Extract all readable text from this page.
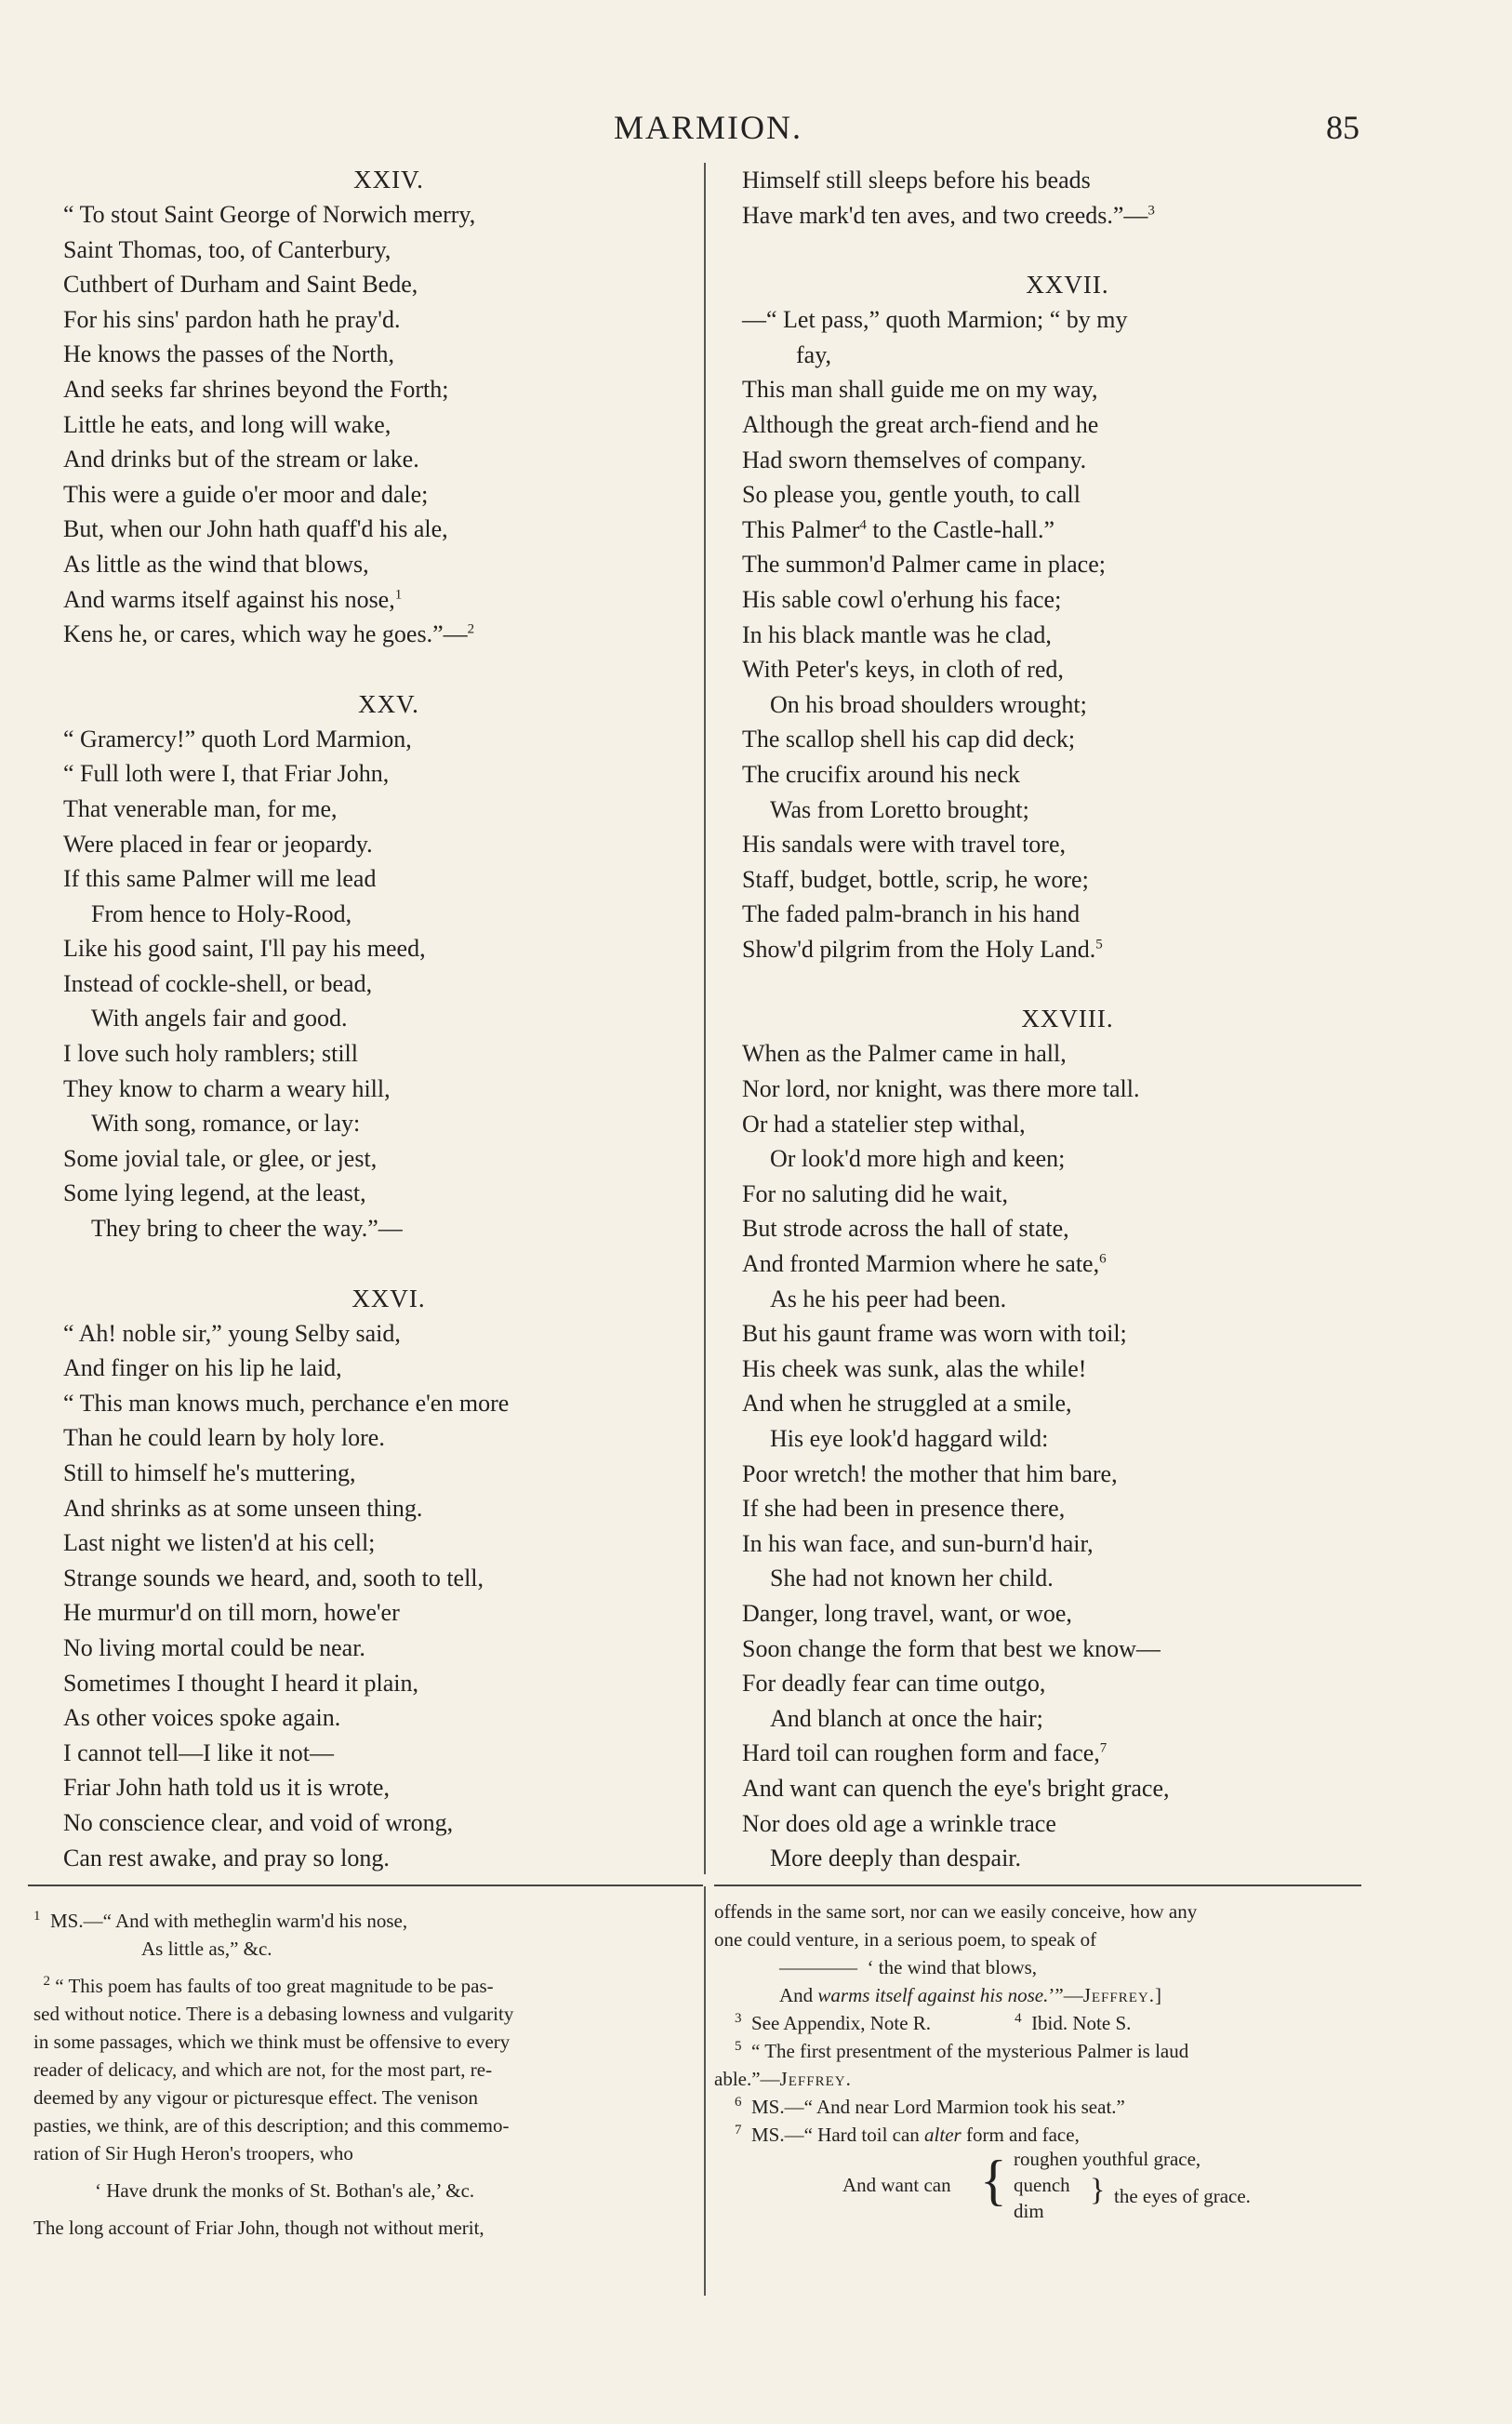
MARMION.	85
XXIV.
“ To stout Saint George of Norwich merry,
Saint Thomas, too, of Canterbury,
Cuthbert of Durham and Saint Bede,
For his sins' pardon hath he pray'd.
He knows the passes of the North,
And seeks far shrines beyond the Forth;
Little he eats, and long will wake,
And drinks but of the stream or lake.
This were a guide o'er moor and dale;
But, when our John hath quaff'd his ale,
As little as the wind that blows,
And warms itself against his nose,$^1$
Kens he, or cares, which way he goes.”—$^2$
XXV.
“ Gramercy!” quoth Lord Marmion,
“ Full loth were I, that Friar John,
That venerable man, for me,
Were placed in fear or jeopardy.
If this same Palmer will me lead
From hence to Holy-Rood,
Like his good saint, I'll pay his meed,
Instead of cockle-shell, or bead,
With angels fair and good.
I love such holy ramblers; still
They know to charm a weary hill,
With song, romance, or lay:
Some jovial tale, or glee, or jest,
Some lying legend, at the least,
They bring to cheer the way.”—
XXVI.
“ Ah! noble sir,” young Selby said,
And finger on his lip he laid,
“ This man knows much, perchance e'en more
Than he could learn by holy lore.
Still to himself he's muttering,
And shrinks as at some unseen thing.
Last night we listen'd at his cell;
Strange sounds we heard, and, sooth to tell,
He murmur'd on till morn, howe'er
No living mortal could be near.
Sometimes I thought I heard it plain,
As other voices spoke again.
I cannot tell—I like it not—
Friar John hath told us it is wrote,
No conscience clear, and void of wrong,
Can rest awake, and pray so long.
Himself still sleeps before his beads
Have mark'd ten aves, and two creeds.”—$^3$
XXVII.
—“ Let pass,” quoth Marmion; “ by my
fay,
This man shall guide me on my way,
Although the great arch-fiend and he
Had sworn themselves of company.
So please you, gentle youth, to call
This Palmer$^4$ to the Castle-hall.”
The summon'd Palmer came in place;
His sable cowl o'erhung his face;
In his black mantle was he clad,
With Peter's keys, in cloth of red,
On his broad shoulders wrought;
The scallop shell his cap did deck;
The crucifix around his neck
Was from Loretto brought;
His sandals were with travel tore,
Staff, budget, bottle, scrip, he wore;
The faded palm-branch in his hand
Show'd pilgrim from the Holy Land.$^5$
XXVIII.
When as the Palmer came in hall,
Nor lord, nor knight, was there more tall.
Or had a statelier step withal,
Or look'd more high and keen;
For no saluting did he wait,
But strode across the hall of state,
And fronted Marmion where he sate,$^6$
As he his peer had been.
But his gaunt frame was worn with toil;
His cheek was sunk, alas the while!
And when he struggled at a smile,
His eye look'd haggard wild:
Poor wretch! the mother that him bare,
If she had been in presence there,
In his wan face, and sun-burn'd hair,
She had not known her child.
Danger, long travel, want, or woe,
Soon change the form that best we know—
For deadly fear can time outgo,
And blanch at once the hair;
Hard toil can roughen form and face,$^7$
And want can quench the eye's bright grace,
Nor does old age a wrinkle trace
More deeply than despair.

$^1$ MS.—“ And with metheglin warm'd his nose,

As little as,” &c.

$^2$ “ This poem has faults of too great magnitude to be pas-

sed without notice. There is a debasing lowness and vulgarity

in some passages, which we think must be offensive to every

reader of delicacy, and which are not, for the most part, re-

deemed by any vigour or picturesque effect. The venison

pasties, we think, are of this description; and this commemo-

ration of Sir Hugh Heron's troopers, who

‘ Have drunk the monks of St. Bothan's ale,’ &c.

The long account of Friar John, though not without merit,

offends in the same sort, nor can we easily conceive, how any

one could venture, in a serious poem, to speak of

———— ‘ the wind that blows,

And warms itself against his nose.’”—Jeffrey.]

$^3$ See Appendix, Note R.	$^4$ Ibid. Note S.

$^5$ “ The first presentment of the mysterious Palmer is laud

able.”—Jeffrey.

$^6$ MS.—“ And near Lord Marmion took his seat.”

$^7$ MS.—“ Hard toil can alter form and face,

And want can { roughen youthful grace,
quench
dim
} the eyes of grace.
